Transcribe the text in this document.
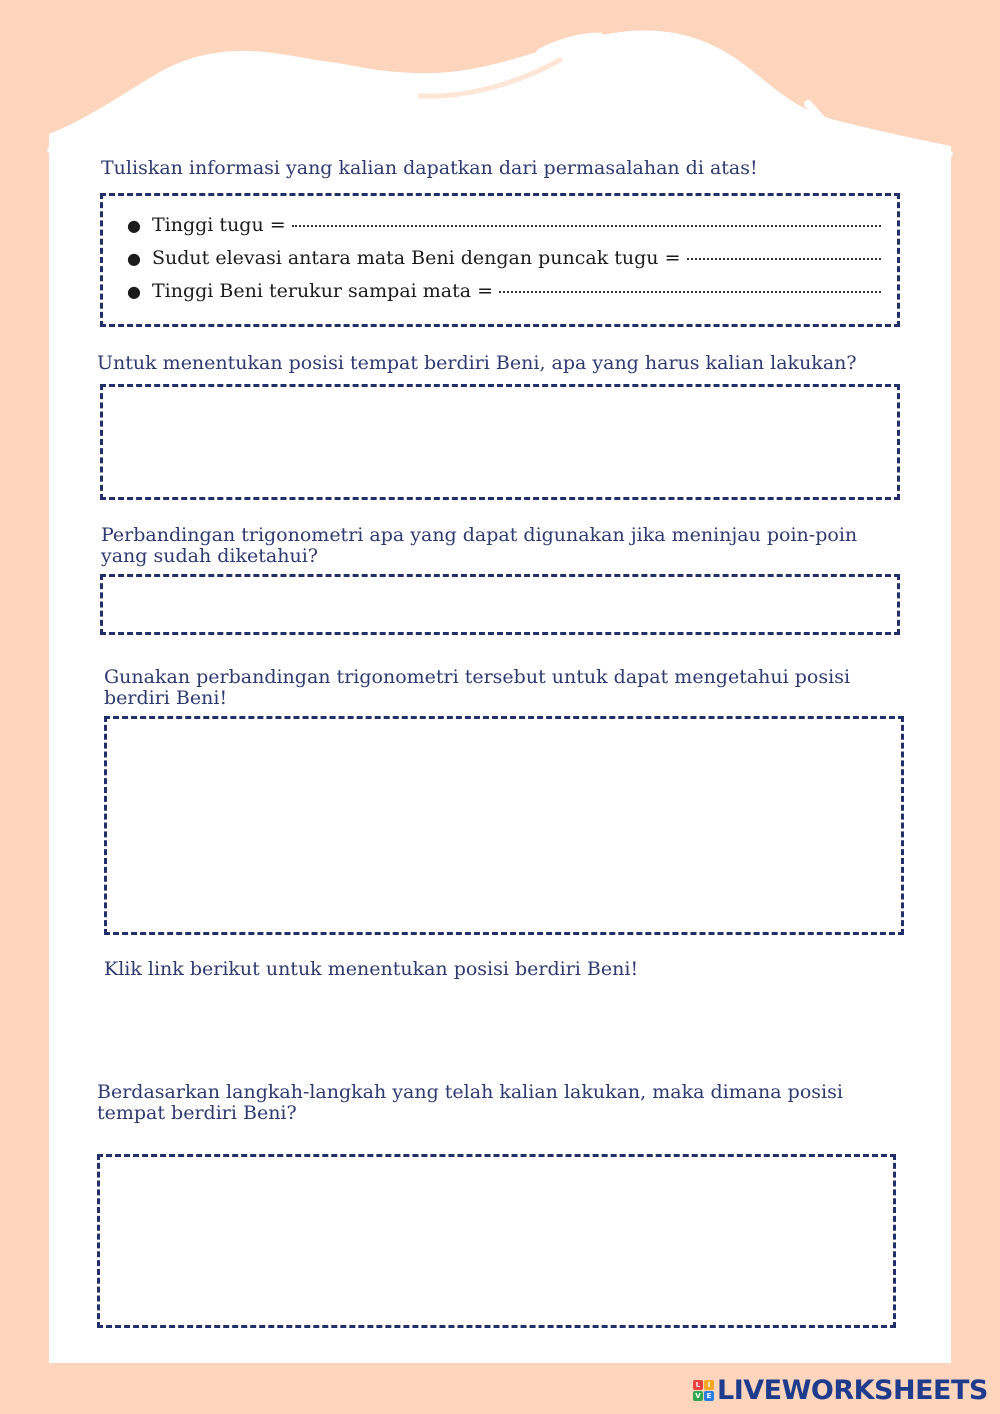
Tuliskan informasi yang kalian dapatkan dari permasalahan di atas!

● Tinggi tugu =
● Sudut elevasi antara mata Beni dengan puncak tugu =
● Tinggi Beni terukur sampai mata =

Untuk menentukan posisi tempat berdiri Beni, apa yang harus kalian lakukan?

Perbandingan trigonometri apa yang dapat digunakan jika meninjau poin-poin
yang sudah diketahui?

Gunakan perbandingan trigonometri tersebut untuk dapat mengetahui posisi
berdiri Beni!

Klik link berikut untuk menentukan posisi berdiri Beni!

Berdasarkan langkah-langkah yang telah kalian lakukan, maka dimana posisi
tempat berdiri Beni?

L	I
V E LIVEWORKSHEETS
